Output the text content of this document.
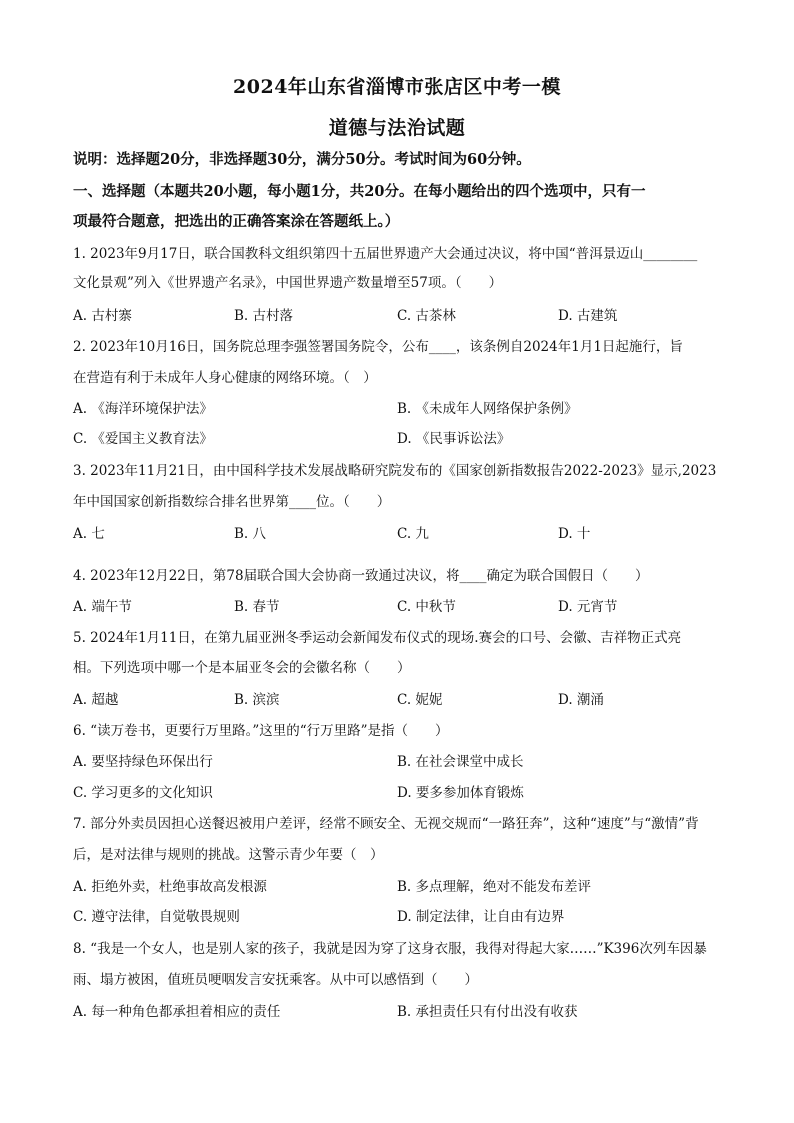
2024年山东省淄博市张店区中考一模
道德与法治试题
说明：选择题20分，非选择题30分，满分50分。考试时间为60分钟。
一、选择题（本题共20小题，每小题1分，共20分。在每小题给出的四个选项中，只有一
项最符合题意，把选出的正确答案涂在答题纸上。）
1. 2023年9月17日，联合国教科文组织第四十五届世界遗产大会通过决议，将中国“普洱景迈山________
文化景观”列入《世界遗产名录》，中国世界遗产数量增至57项。（　　）
A. 古村寨	B. 古村落	C. 古茶林	D. 古建筑
2. 2023年10月16日，国务院总理李强签署国务院令，公布____，该条例自2024年1月1日起施行，旨
在营造有利于未成年人身心健康的网络环境。（　）
A. 《海洋环境保护法》	B. 《未成年人网络保护条例》
C. 《爱国主义教育法》	D. 《民事诉讼法》
3. 2023年11月21日，由中国科学技术发展战略研究院发布的《国家创新指数报告2022-2023》显示,2023
年中国国家创新指数综合排名世界第____位。（　　）
A. 七	B. 八	C. 九	D. 十
4. 2023年12月22日，第78届联合国大会协商一致通过决议，将____确定为联合国假日（　　）
A. 端午节	B. 春节	C. 中秋节	D. 元宵节
5. 2024年1月11日，在第九届亚洲冬季运动会新闻发布仪式的现场.赛会的口号、会徽、吉祥物正式亮
相。下列选项中哪一个是本届亚冬会的会徽名称（　　）
A. 超越	B. 滨滨	C. 妮妮	D. 潮涌
6. “读万卷书，更要行万里路。”这里的“行万里路”是指（　　）
A. 要坚持绿色环保出行	B. 在社会课堂中成长
C. 学习更多的文化知识	D. 要多参加体育锻炼
7. 部分外卖员因担心送餐迟被用户差评，经常不顾安全、无视交规而“一路狂奔”，这种“速度”与“激情”背
后，是对法律与规则的挑战。这警示青少年要（　）
A. 拒绝外卖，杜绝事故高发根源	B. 多点理解，绝对不能发布差评
C. 遵守法律，自觉敬畏规则	D. 制定法律，让自由有边界
8. “我是一个女人，也是别人家的孩子，我就是因为穿了这身衣服，我得对得起大家……”K396次列车因暴
雨、塌方被困，值班员哽咽发言安抚乘客。从中可以感悟到（　　）
A. 每一种角色都承担着相应的责任	B. 承担责任只有付出没有收获
